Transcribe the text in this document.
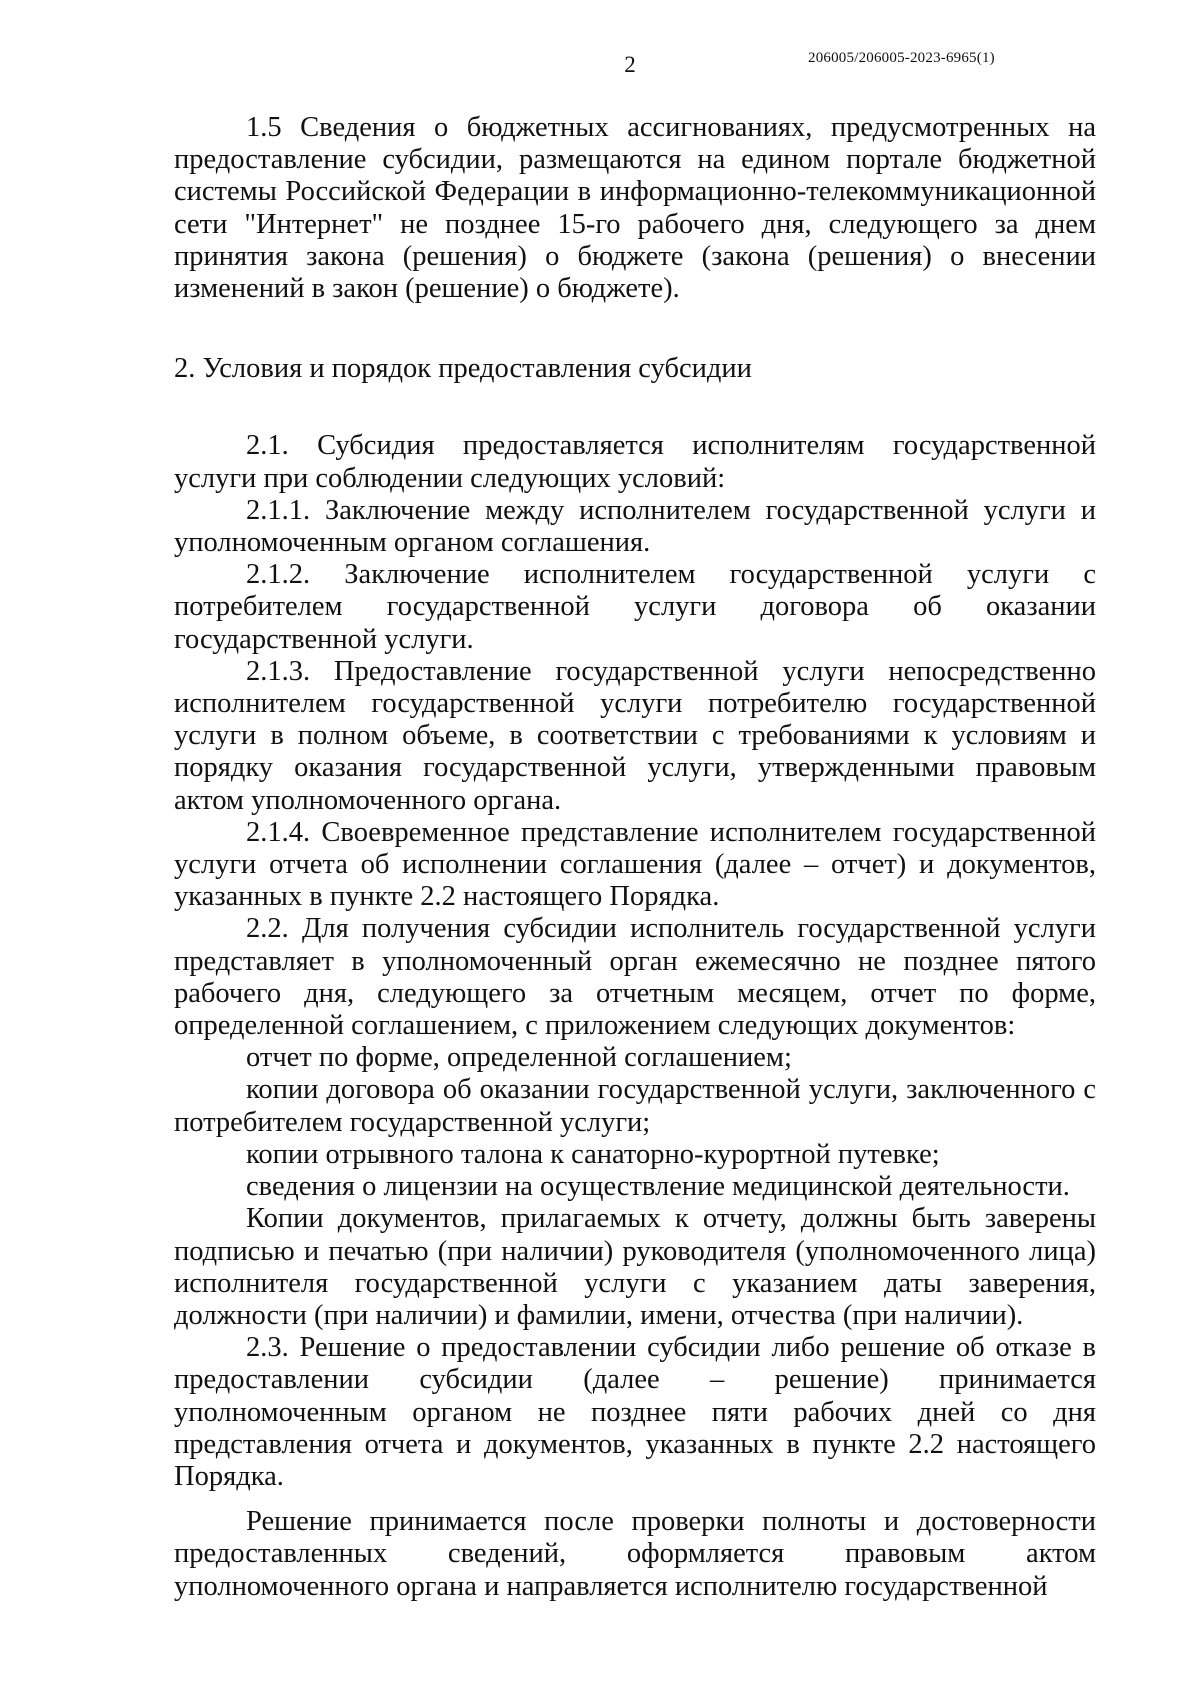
2	206005/206005-2023-6965(1)

1.5 Сведения о бюджетных ассигнованиях, предусмотренных на предоставление субсидии, размещаются на едином портале бюджетной системы Российской Федерации в информационно-телекоммуникационной сети "Интернет" не позднее 15-го рабочего дня, следующего за днем принятия закона (решения) о бюджете (закона (решения) о внесении изменений в закон (решение) о бюджете).

2. Условия и порядок предоставления субсидии

2.1. Субсидия предоставляется исполнителям государственной услуги при соблюдении следующих условий:

2.1.1. Заключение между исполнителем государственной услуги и уполномоченным органом соглашения.

2.1.2. Заключение исполнителем государственной услуги с потребителем государственной услуги договора об оказании государственной услуги.

2.1.3. Предоставление государственной услуги непосредственно исполнителем государственной услуги потребителю государственной услуги в полном объеме, в соответствии с требованиями к условиям и порядку оказания государственной услуги, утвержденными правовым актом уполномоченного органа.

2.1.4. Своевременное представление исполнителем государственной услуги отчета об исполнении соглашения (далее – отчет) и документов, указанных в пункте 2.2 настоящего Порядка.

2.2. Для получения субсидии исполнитель государственной услуги представляет в уполномоченный орган ежемесячно не позднее пятого рабочего дня, следующего за отчетным месяцем, отчет по форме, определенной соглашением, с приложением следующих документов:

отчет по форме, определенной соглашением;

копии договора об оказании государственной услуги, заключенного с потребителем государственной услуги;

копии отрывного талона к санаторно-курортной путевке;

сведения о лицензии на осуществление медицинской деятельности.

Копии документов, прилагаемых к отчету, должны быть заверены подписью и печатью (при наличии) руководителя (уполномоченного лица) исполнителя государственной услуги с указанием даты заверения, должности (при наличии) и фамилии, имени, отчества (при наличии).

2.3. Решение о предоставлении субсидии либо решение об отказе в предоставлении субсидии (далее – решение) принимается уполномоченным органом не позднее пяти рабочих дней со дня представления отчета и документов, указанных в пункте 2.2 настоящего Порядка.

Решение принимается после проверки полноты и достоверности предоставленных сведений, оформляется правовым актом уполномоченного органа и направляется исполнителю государственной
